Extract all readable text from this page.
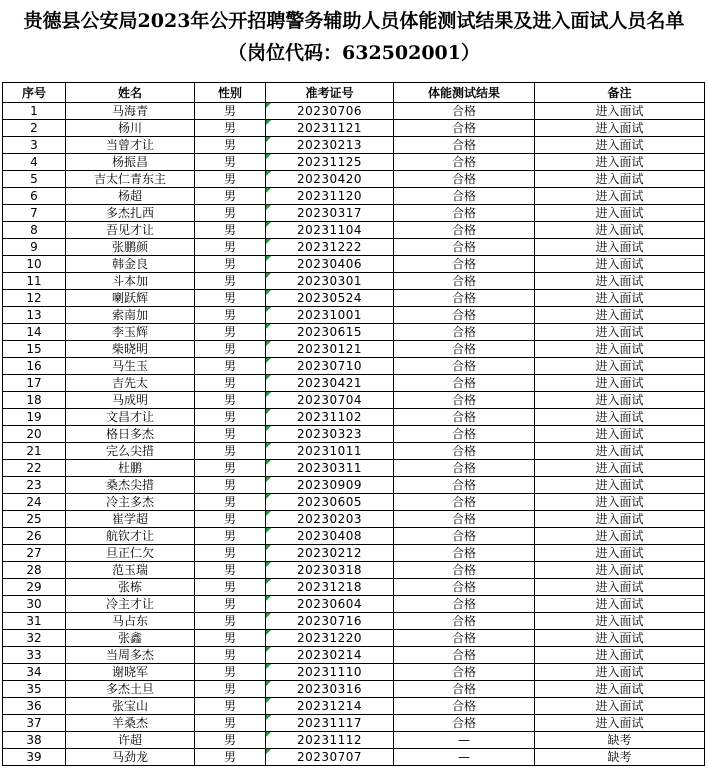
贵德县公安局2023年公开招聘警务辅助人员体能测试结果及进入面试人员名单
（岗位代码：632502001）
序号	姓名	性别	准考证号	体能测试结果	备注
1	马海青	男	20230706	合格	进入面试
2	杨川	男	20231121	合格	进入面试
3	当曾才让	男	20230213	合格	进入面试
4	杨振昌	男	20231125	合格	进入面试
5	吉太仁青东主	男	20230420	合格	进入面试
6	杨超	男	20231120	合格	进入面试
7	多杰扎西	男	20230317	合格	进入面试
8	吾见才让	男	20231104	合格	进入面试
9	张鹏颜	男	20231222	合格	进入面试
10	韩金良	男	20230406	合格	进入面试
11	斗本加	男	20230301	合格	进入面试
12	喇跃辉	男	20230524	合格	进入面试
13	索南加	男	20231001	合格	进入面试
14	李玉辉	男	20230615	合格	进入面试
15	柴晓明	男	20230121	合格	进入面试
16	马生玉	男	20230710	合格	进入面试
17	吉先太	男	20230421	合格	进入面试
18	马成明	男	20230704	合格	进入面试
19	文昌才让	男	20231102	合格	进入面试
20	格日多杰	男	20230323	合格	进入面试
21	完么尖措	男	20231011	合格	进入面试
22	杜鹏	男	20230311	合格	进入面试
23	桑杰尖措	男	20230909	合格	进入面试
24	冷主多杰	男	20230605	合格	进入面试
25	崔学超	男	20230203	合格	进入面试
26	航钦才让	男	20230408	合格	进入面试
27	旦正仁欠	男	20230212	合格	进入面试
28	范玉瑞	男	20230318	合格	进入面试
29	张栋	男	20231218	合格	进入面试
30	冷主才让	男	20230604	合格	进入面试
31	马占东	男	20230716	合格	进入面试
32	张鑫	男	20231220	合格	进入面试
33	当周多杰	男	20230214	合格	进入面试
34	谢晓军	男	20231110	合格	进入面试
35	多杰土旦	男	20230316	合格	进入面试
36	张宝山	男	20231214	合格	进入面试
37	羊桑杰	男	20231117	合格	进入面试
38	许超	男	20231112	—	缺考
39	马劲龙	男	20230707	—	缺考
